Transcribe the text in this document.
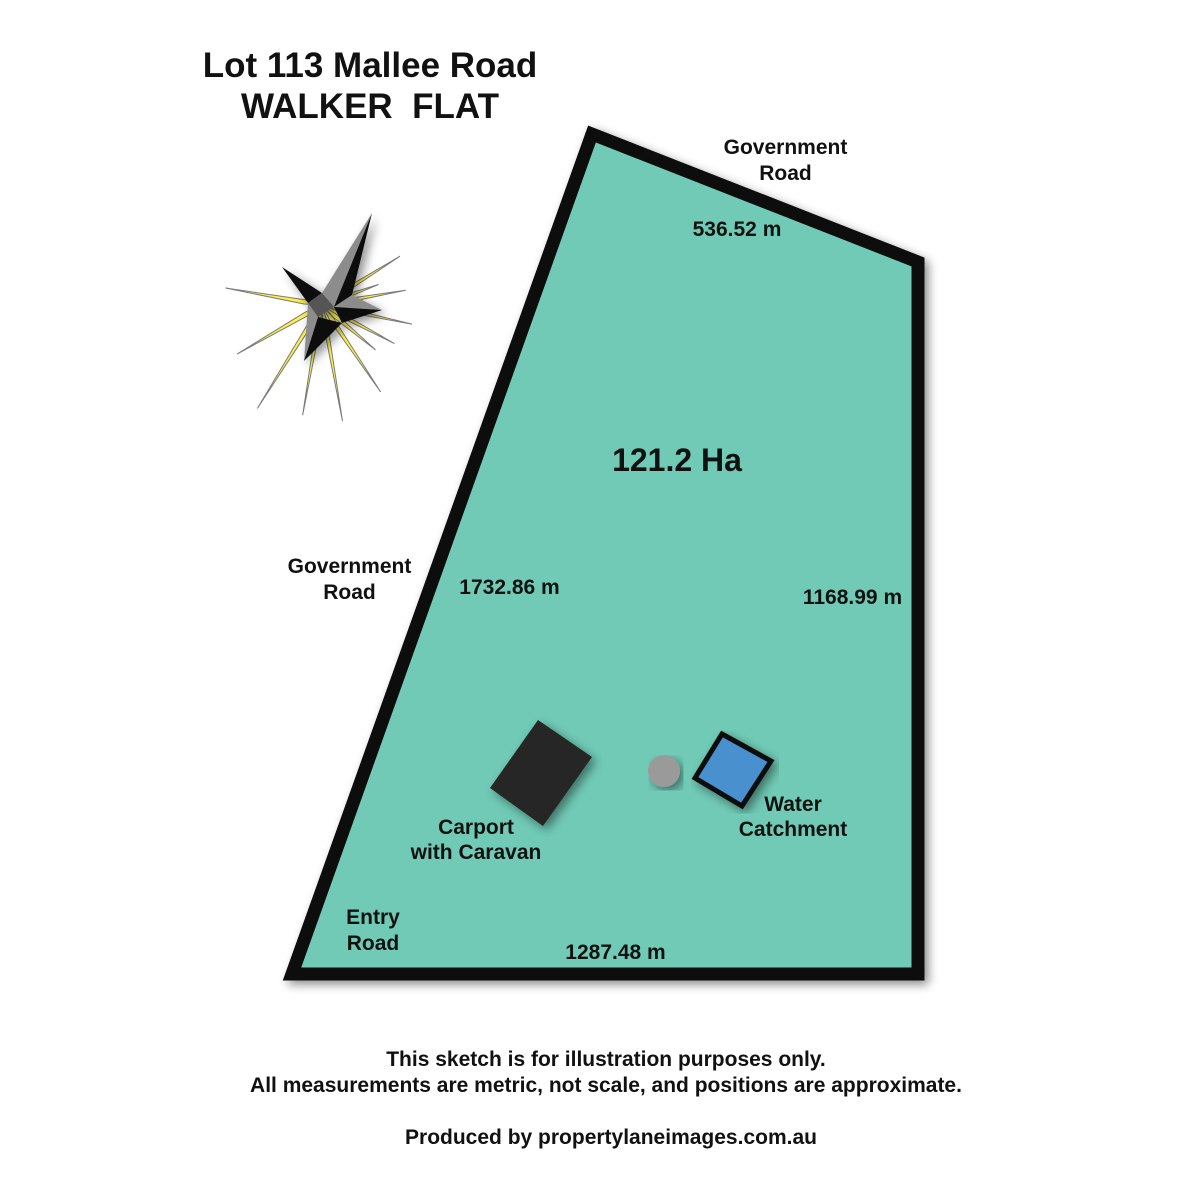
Lot 113 Mallee Road
WALKER  FLAT
Government
Road
Government
Road
Entry
Road
536.52 m
1732.86 m	1168.99 m
1287.48 m
121.2 Ha
Carport
with Caravan
Water
Catchment
This sketch is for illustration purposes only.
All measurements are metric, not scale, and positions are approximate.
Produced by propertylaneimages.com.au
